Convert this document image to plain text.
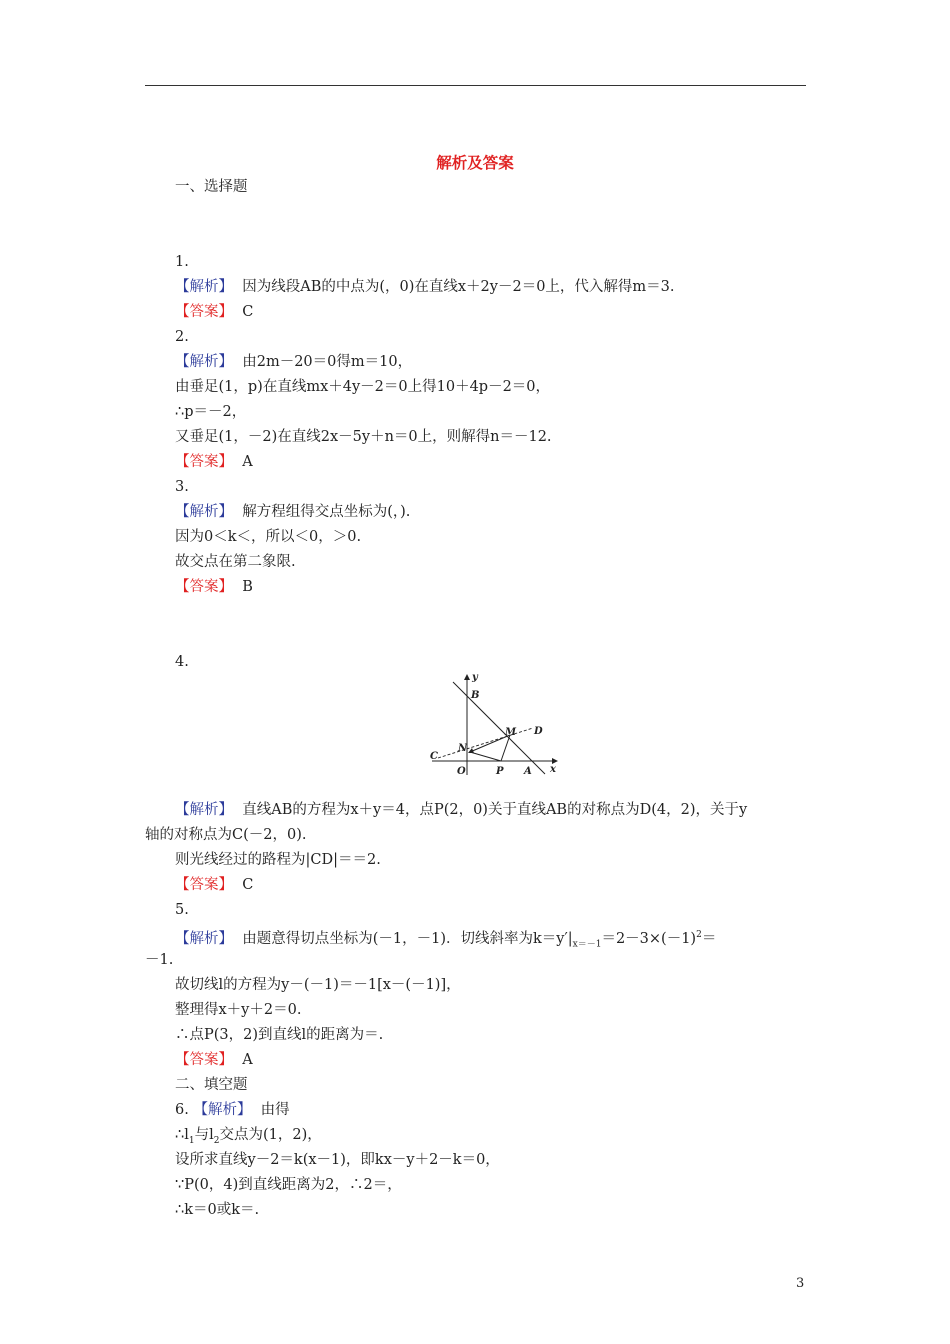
解析及答案
一、选择题
1.
【解析】 因为线段AB的中点为(，0)在直线x＋2y－2＝0上，代入解得m＝3.
【答案】 C
2.
【解析】 由2m－20＝0得m＝10，
由垂足(1，p)在直线mx＋4y－2＝0上得10＋4p－2＝0，
∴p＝－2，
又垂足(1，－2)在直线2x－5y＋n＝0上，则解得n＝－12.
【答案】 A
3.
【解析】 解方程组得交点坐标为(，).
因为0＜k＜，所以＜0，＞0.
故交点在第二象限.
【答案】 B
4.
y
x
B
M D
N
C
O	P A
【解析】 直线AB的方程为x＋y＝4，点P(2，0)关于直线AB的对称点为D(4，2)，关于y
轴的对称点为C(－2，0).
则光线经过的路程为|CD|＝＝2.
【答案】 C
5.
【解析】 由题意得切点坐标为(－1，－1)．切线斜率为$k=y'|_{x=-1}=2-3\times(-1)^2=$
－1.
故切线l的方程为y－(－1)＝－1[x－(－1)]，
整理得x＋y＋2＝0.
∴点P(3，2)到直线l的距离为＝.
【答案】 A
二、填空题
6. 【解析】 由得
$\therefore l_1$与$l_2$交点为(1，2)，
设所求直线y－2＝k(x－1)，即kx－y＋2－k＝0，
∵P(0，4)到直线距离为2，∴2＝，
∴k＝0或k＝.
3
